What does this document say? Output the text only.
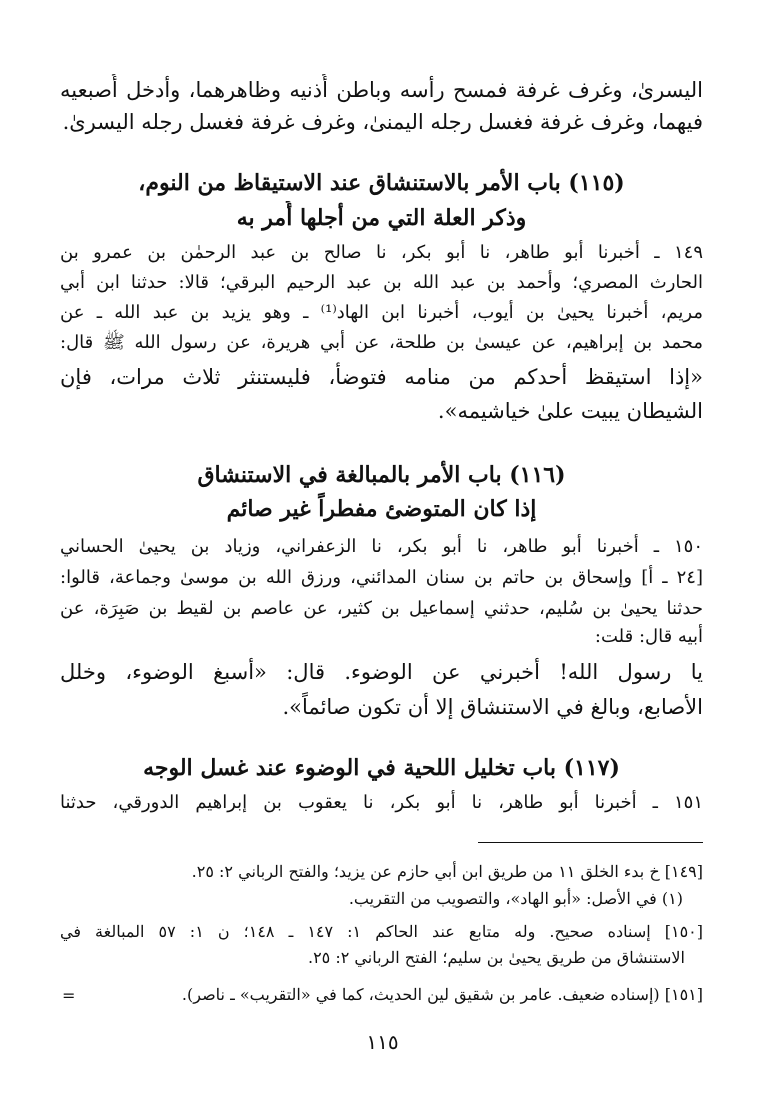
اليسرىٰ، وغرف غرفة فمسح رأسه وباطن أُذنيه وظاهرهما، وأدخل أُصبعيه
فيهما، وغرف غرفة فغسل رجله اليمنىٰ، وغرف غرفة فغسل رجله اليسرىٰ.
(١١٥) باب الأمر بالاستنشاق عند الاستيقاظ من النوم،
وذكر العلة التي من أجلها أُمر به
١٤٩ ـ أخبرنا أبو طاهر، نا أبو بكر، نا صالح بن عبد الرحمٰن بن عمرو بن
الحارث المصري؛ وأحمد بن عبد الله بن عبد الرحيم البرقي؛ قالا: حدثنا ابن أبي
مريم، أخبرنا يحيىٰ بن أيوب، أخبرنا ابن الهاد⁽¹⁾ ـ وهو يزيد بن عبد الله ـ عن
محمد بن إبراهيم، عن عيسىٰ بن طلحة، عن أبي هريرة، عن رسول الله ﷺ قال:
«إذا استيقظ أحدكم من منامه فتوضأ، فليستنثر ثلاث مرات، فإن
الشيطان يبيت علىٰ خياشيمه».
(١١٦) باب الأمر بالمبالغة في الاستنشاق
إذا كان المتوضئ مفطراً غير صائم
١٥٠ ـ أخبرنا أبو طاهر، نا أبو بكر، نا الزعفراني، وزياد بن يحيىٰ الحساني
[٢٤ ـ أ] وإسحاق بن حاتم بن سنان المدائني، ورزق الله بن موسىٰ وجماعة، قالوا:
حدثنا يحيىٰ بن سُليم، حدثني إسماعيل بن كثير، عن عاصم بن لقيط بن صَبِرَة، عن
أبيه قال: قلت:
يا رسول الله! أخبرني عن الوضوء. قال: «أسبغ الوضوء، وخلل
الأصابع، وبالغ في الاستنشاق إلا أن تكون صائماً».
(١١٧) باب تخليل اللحية في الوضوء عند غسل الوجه
١٥١ ـ أخبرنا أبو طاهر، نا أبو بكر، نا يعقوب بن إبراهيم الدورقي، حدثنا
[١٤٩] خ بدء الخلق ١١ من طريق ابن أبي حازم عن يزيد؛ والفتح الرباني ٢: ٢٥.
(١) في الأصل: «أبو الهاد»، والتصويب من التقريب.
[١٥٠] إسناده صحيح. وله متابع عند الحاكم ١: ١٤٧ ـ ١٤٨؛ ن ١: ٥٧ المبالغة في
الاستنشاق من طريق يحيىٰ بن سليم؛ الفتح الرباني ٢: ٢٥.
[١٥١] (إسناده ضعيف. عامر بن شقيق لين الحديث، كما في «التقريب» ـ ناصر).
=
١١٥
